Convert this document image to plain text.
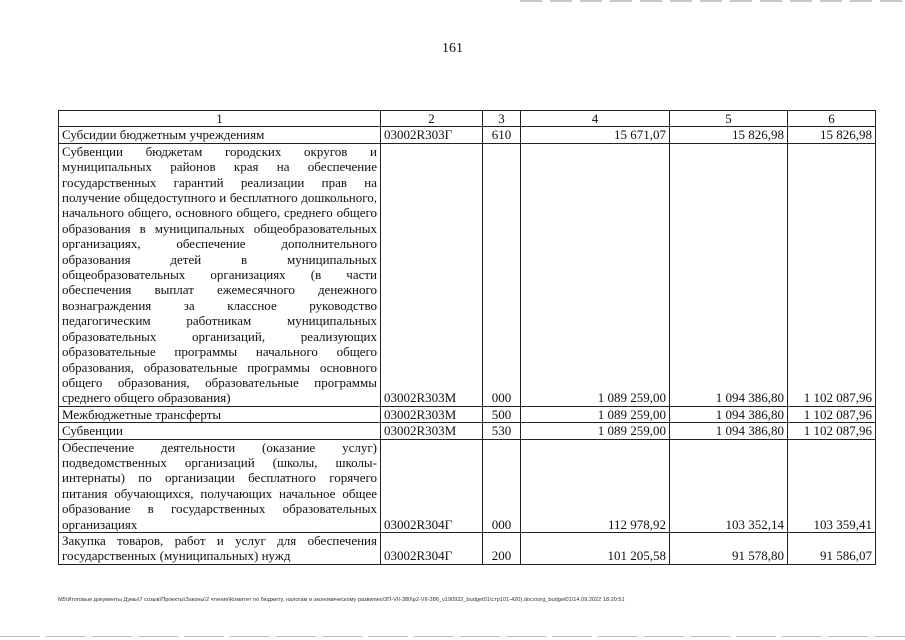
161
1	2	3	4	5	6
Субсидии бюджетным учреждениям	03002R303Г	610	15 671,07	15 826,98	15 826,98
Субвенции бюджетам городских округов и муниципальных районов края на обеспечение государственных гарантий реализации прав на получение общедоступного и бесплатного дошкольного, начального общего, основного общего, среднего общего образования в муниципальных общеобразовательных организациях, обеспечение дополнительного образования детей в муниципальных общеобразовательных организациях (в части обеспечения выплат ежемесячного денежного вознаграждения за классное руководство педагогическим работникам муниципальных образовательных организаций, реализующих образовательные программы начального общего образования, образовательные программы основного общего образования, образовательные программы среднего общего образования)	03002R303М	000	1 089 259,00	1 094 386,80	1 102 087,96
Межбюджетные трансферты	03002R303М	500	1 089 259,00	1 094 386,80	1 102 087,96
Субвенции	03002R303М	530	1 089 259,00	1 094 386,80	1 102 087,96
Обеспечение деятельности (оказание услуг) подведомственных организаций (школы, школы-интернаты) по организации бесплатного горячего питания обучающихся, получающих начальное общее образование в государственных образовательных организациях	03002R304Г	000	112 978,92	103 352,14	103 359,41
Закупка товаров, работ и услуг для обеспечения государственных (муниципальных) нужд	03002R304Г	200	101 205,58	91 578,80	91 586,07
M5\Итоговые документы Думы\7 созыв\Проекты\Законы\2 чтение\Комитет по бюджету, налогам и экономическому развитию\3П-VII-380\р2-VII-386_v190922_budget01\стр101-420).docx\org_budget01\14.09.2022 18:20:51
